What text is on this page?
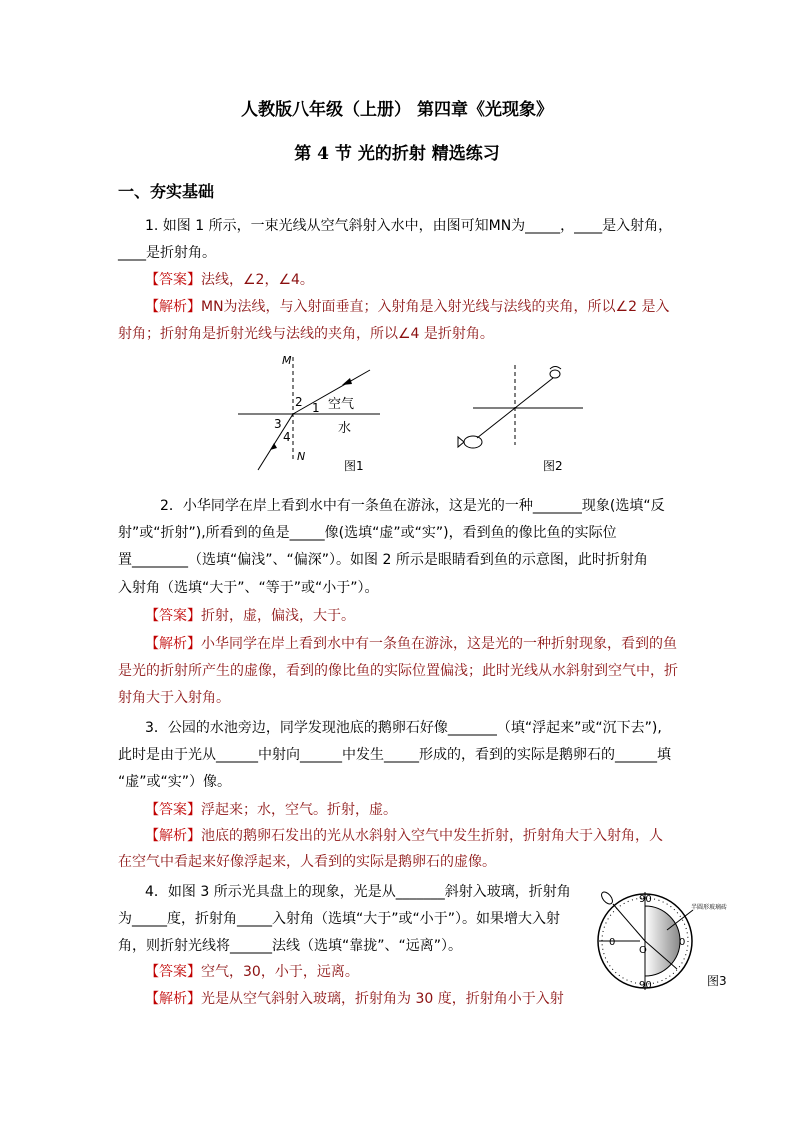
人教版八年级（上册） 第四章《光现象》
第 4 节 光的折射 精选练习
一、夯实基础
1. 如图 1 所示，一束光线从空气斜射入水中，由图可知MN为_____，____是入射角，
____是折射角。
【答案】法线，∠2，∠4。
【解析】MN为法线，与入射面垂直；入射角是入射光线与法线的夹角，所以∠2 是入
射角；折射角是折射光线与法线的夹角，所以∠4 是折射角。
M
N
2 1
3
4
空气
水
图1	图2
2．小华同学在岸上看到水中有一条鱼在游泳，这是光的一种_______现象(选填“反
射”或“折射”),所看到的鱼是_____像(选填“虚”或“实”)，看到鱼的像比鱼的实际位
置________（选填“偏浅”、“偏深”）。如图 2 所示是眼睛看到鱼的示意图，此时折射角
入射角（选填“大于”、“等于”或“小于”）。
【答案】折射，虚，偏浅，大于。
【解析】小华同学在岸上看到水中有一条鱼在游泳，这是光的一种折射现象，看到的鱼
是光的折射所产生的虚像，看到的像比鱼的实际位置偏浅；此时光线从水斜射到空气中，折
射角大于入射角。
3．公园的水池旁边，同学发现池底的鹅卵石好像_______（填“浮起来”或“沉下去”),
此时是由于光从______中射向______中发生_____形成的，看到的实际是鹅卵石的______填
“虚”或“实”）像。
【答案】浮起来；水，空气。折射，虚。
【解析】池底的鹅卵石发出的光从水斜射入空气中发生折射，折射角大于入射角，人
在空气中看起来好像浮起来，人看到的实际是鹅卵石的虚像。
4．如图 3 所示光具盘上的现象，光是从_______斜射入玻璃，折射角
为_____度，折射角_____入射角（选填“大于”或“小于”）。如果增大入射
角，则折射光线将______法线（选填“靠拢”、“远离”）。
【答案】空气，30，小于，远离。
【解析】光是从空气斜射入玻璃，折射角为 30 度，折射角小于入射
90
90
0	0
O
半圆形玻璃砖
图3
